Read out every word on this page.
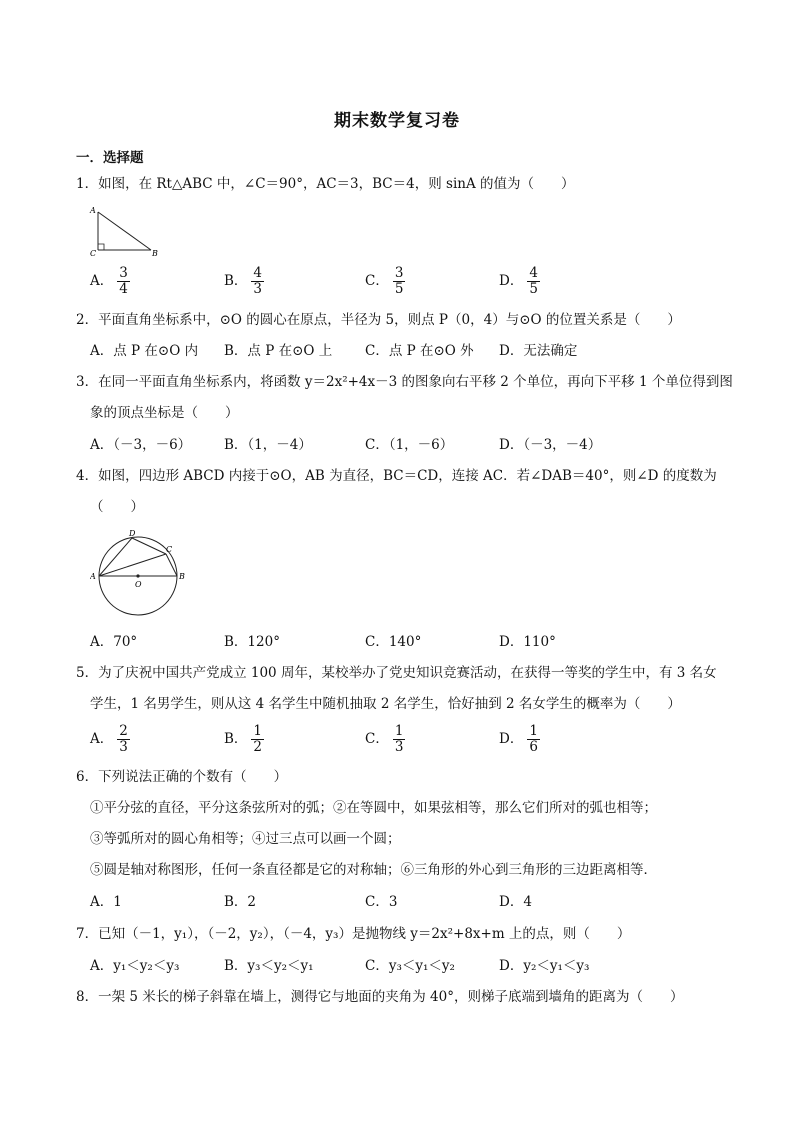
期末数学复习卷
一．选择题
1．如图，在 Rt△ABC 中，∠C＝90°，AC＝3，BC＝4，则 sinA 的值为（　　）
A
C	B
A． $\frac{3}{4}$	B． $\frac{4}{3}$	C． $\frac{3}{5}$	D． $\frac{4}{5}$
2．平面直角坐标系中，⊙O 的圆心在原点，半径为 5，则点 P（0，4）与⊙O 的位置关系是（　　）
A．点 P 在⊙O 内 B．点 P 在⊙O 上 C．点 P 在⊙O 外 D．无法确定
3．在同一平面直角坐标系内，将函数 y＝2x²+4x－3 的图象向右平移 2 个单位，再向下平移 1 个单位得到图
象的顶点坐标是（　　）
A．（－3，－6） B．（1，－4）	C．（1，－6）	D．（－3，－4）
4．如图，四边形 ABCD 内接于⊙O，AB 为直径，BC＝CD，连接 AC．若∠DAB＝40°，则∠D 的度数为
（　　）
A	B
C
D
O
A．70°	B．120°	C．140°	D．110°
5．为了庆祝中国共产党成立 100 周年，某校举办了党史知识竞赛活动，在获得一等奖的学生中，有 3 名女
学生，1 名男学生，则从这 4 名学生中随机抽取 2 名学生，恰好抽到 2 名女学生的概率为（　　）
A． $\frac{2}{3}$	B． $\frac{1}{2}$	C． $\frac{1}{3}$	D． $\frac{1}{6}$
6．下列说法正确的个数有（　　）
①平分弦的直径，平分这条弦所对的弧；②在等圆中，如果弦相等，那么它们所对的弧也相等；
③等弧所对的圆心角相等；④过三点可以画一个圆；
⑤圆是轴对称图形，任何一条直径都是它的对称轴；⑥三角形的外心到三角形的三边距离相等．
A．1	B．2	C．3	D．4
7．已知（－1，y₁），（－2，y₂），（－4，y₃）是抛物线 y＝2x²+8x+m 上的点，则（　　）
A．y₁＜y₂＜y₃	B．y₃＜y₂＜y₁	C．y₃＜y₁＜y₂	D．y₂＜y₁＜y₃
8．一架 5 米长的梯子斜靠在墙上，测得它与地面的夹角为 40°，则梯子底端到墙角的距离为（　　）
